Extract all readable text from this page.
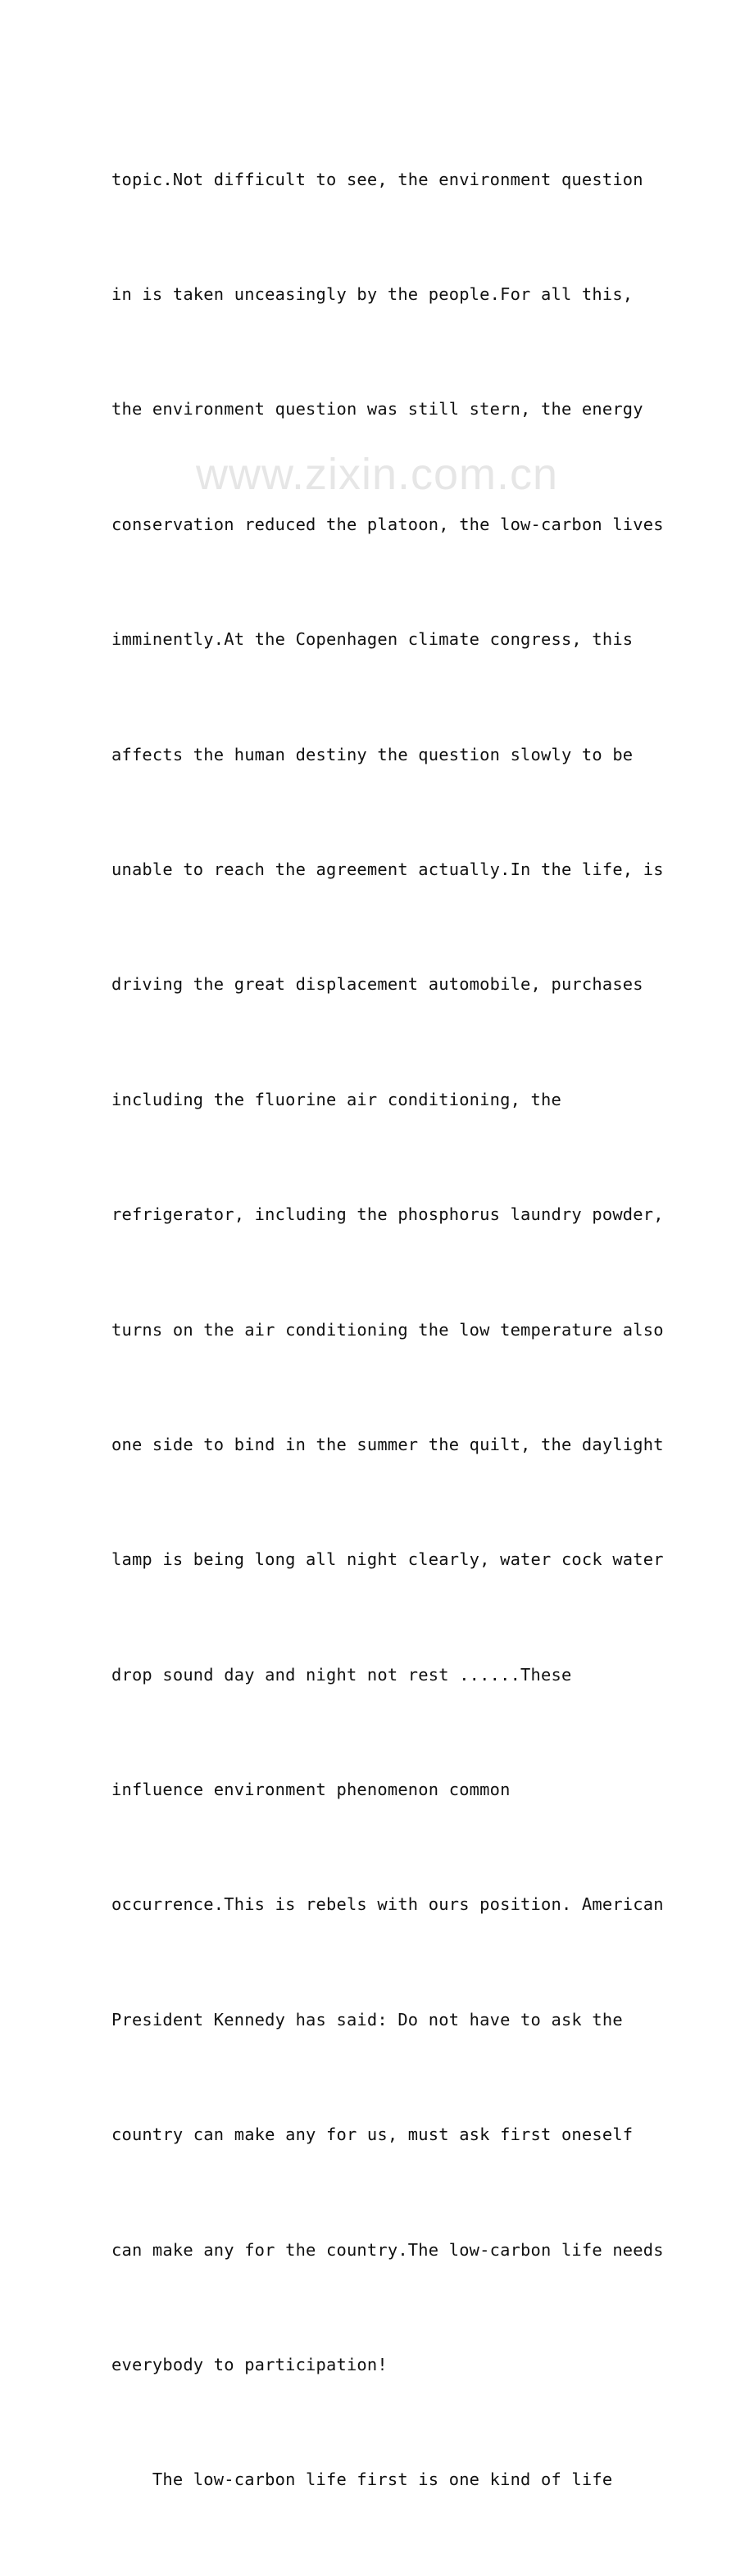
topic.Not difficult to see, the environment question

in is taken unceasingly by the people.For all this,

the environment question was still stern, the energy

conservation reduced the platoon, the low-carbon lives

imminently.At the Copenhagen climate congress, this

affects the human destiny the question slowly to be

unable to reach the agreement actually.In the life, is

driving the great displacement automobile, purchases

including the fluorine air conditioning, the

refrigerator, including the phosphorus laundry powder,

turns on the air conditioning the low temperature also

one side to bind in the summer the quilt, the daylight

lamp is being long all night clearly, water cock water

drop sound day and night not rest ......These

influence environment phenomenon common

occurrence.This is rebels with ours position. American

President Kennedy has said: Do not have to ask the

country can make any for us, must ask first oneself

can make any for the country.The low-carbon life needs

everybody to participation!

The low-carbon life first is one kind of life

www.zixin.com.cn
